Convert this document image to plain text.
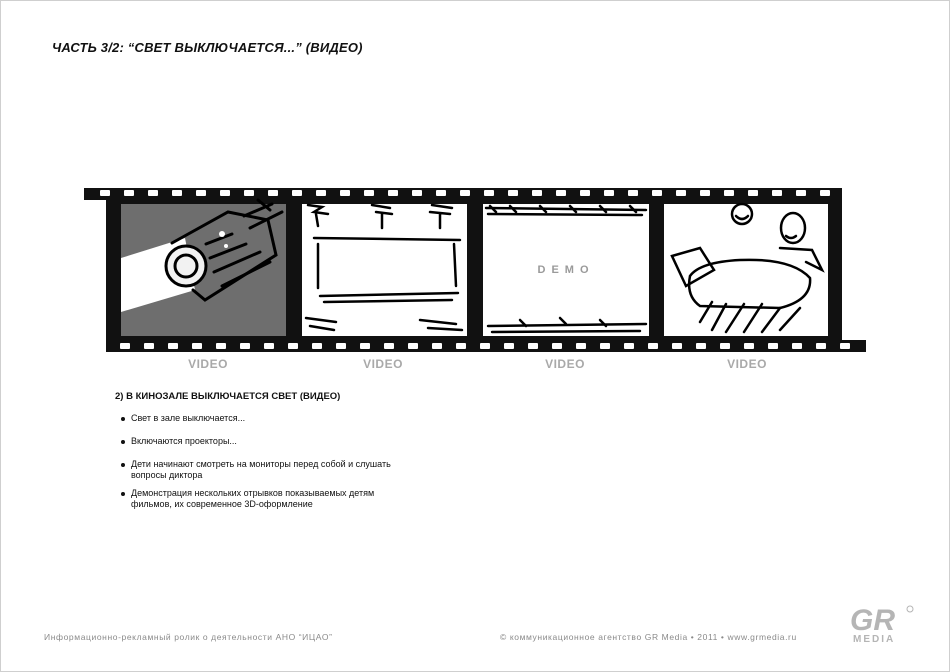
ЧАСТЬ 3/2: “СВЕТ ВЫКЛЮЧАЕТСЯ...” (ВИДЕО)
DEMO
VIDEO	VIDEO	VIDEO	VIDEO
2) В КИНОЗАЛЕ ВЫКЛЮЧАЕТСЯ СВЕТ (ВИДЕО)
Свет в зале выключается...
Включаются проекторы...
Дети начинают смотреть на мониторы перед собой и слушать вопросы диктора
Демонстрация нескольких отрывков показываемых детям фильмов, их современное 3D-оформление
Информационно-рекламный ролик о деятельности АНО “ИЦАО”	© коммуникационное агентство GR Media • 2011 • www.grmedia.ru GR
MEDIA
